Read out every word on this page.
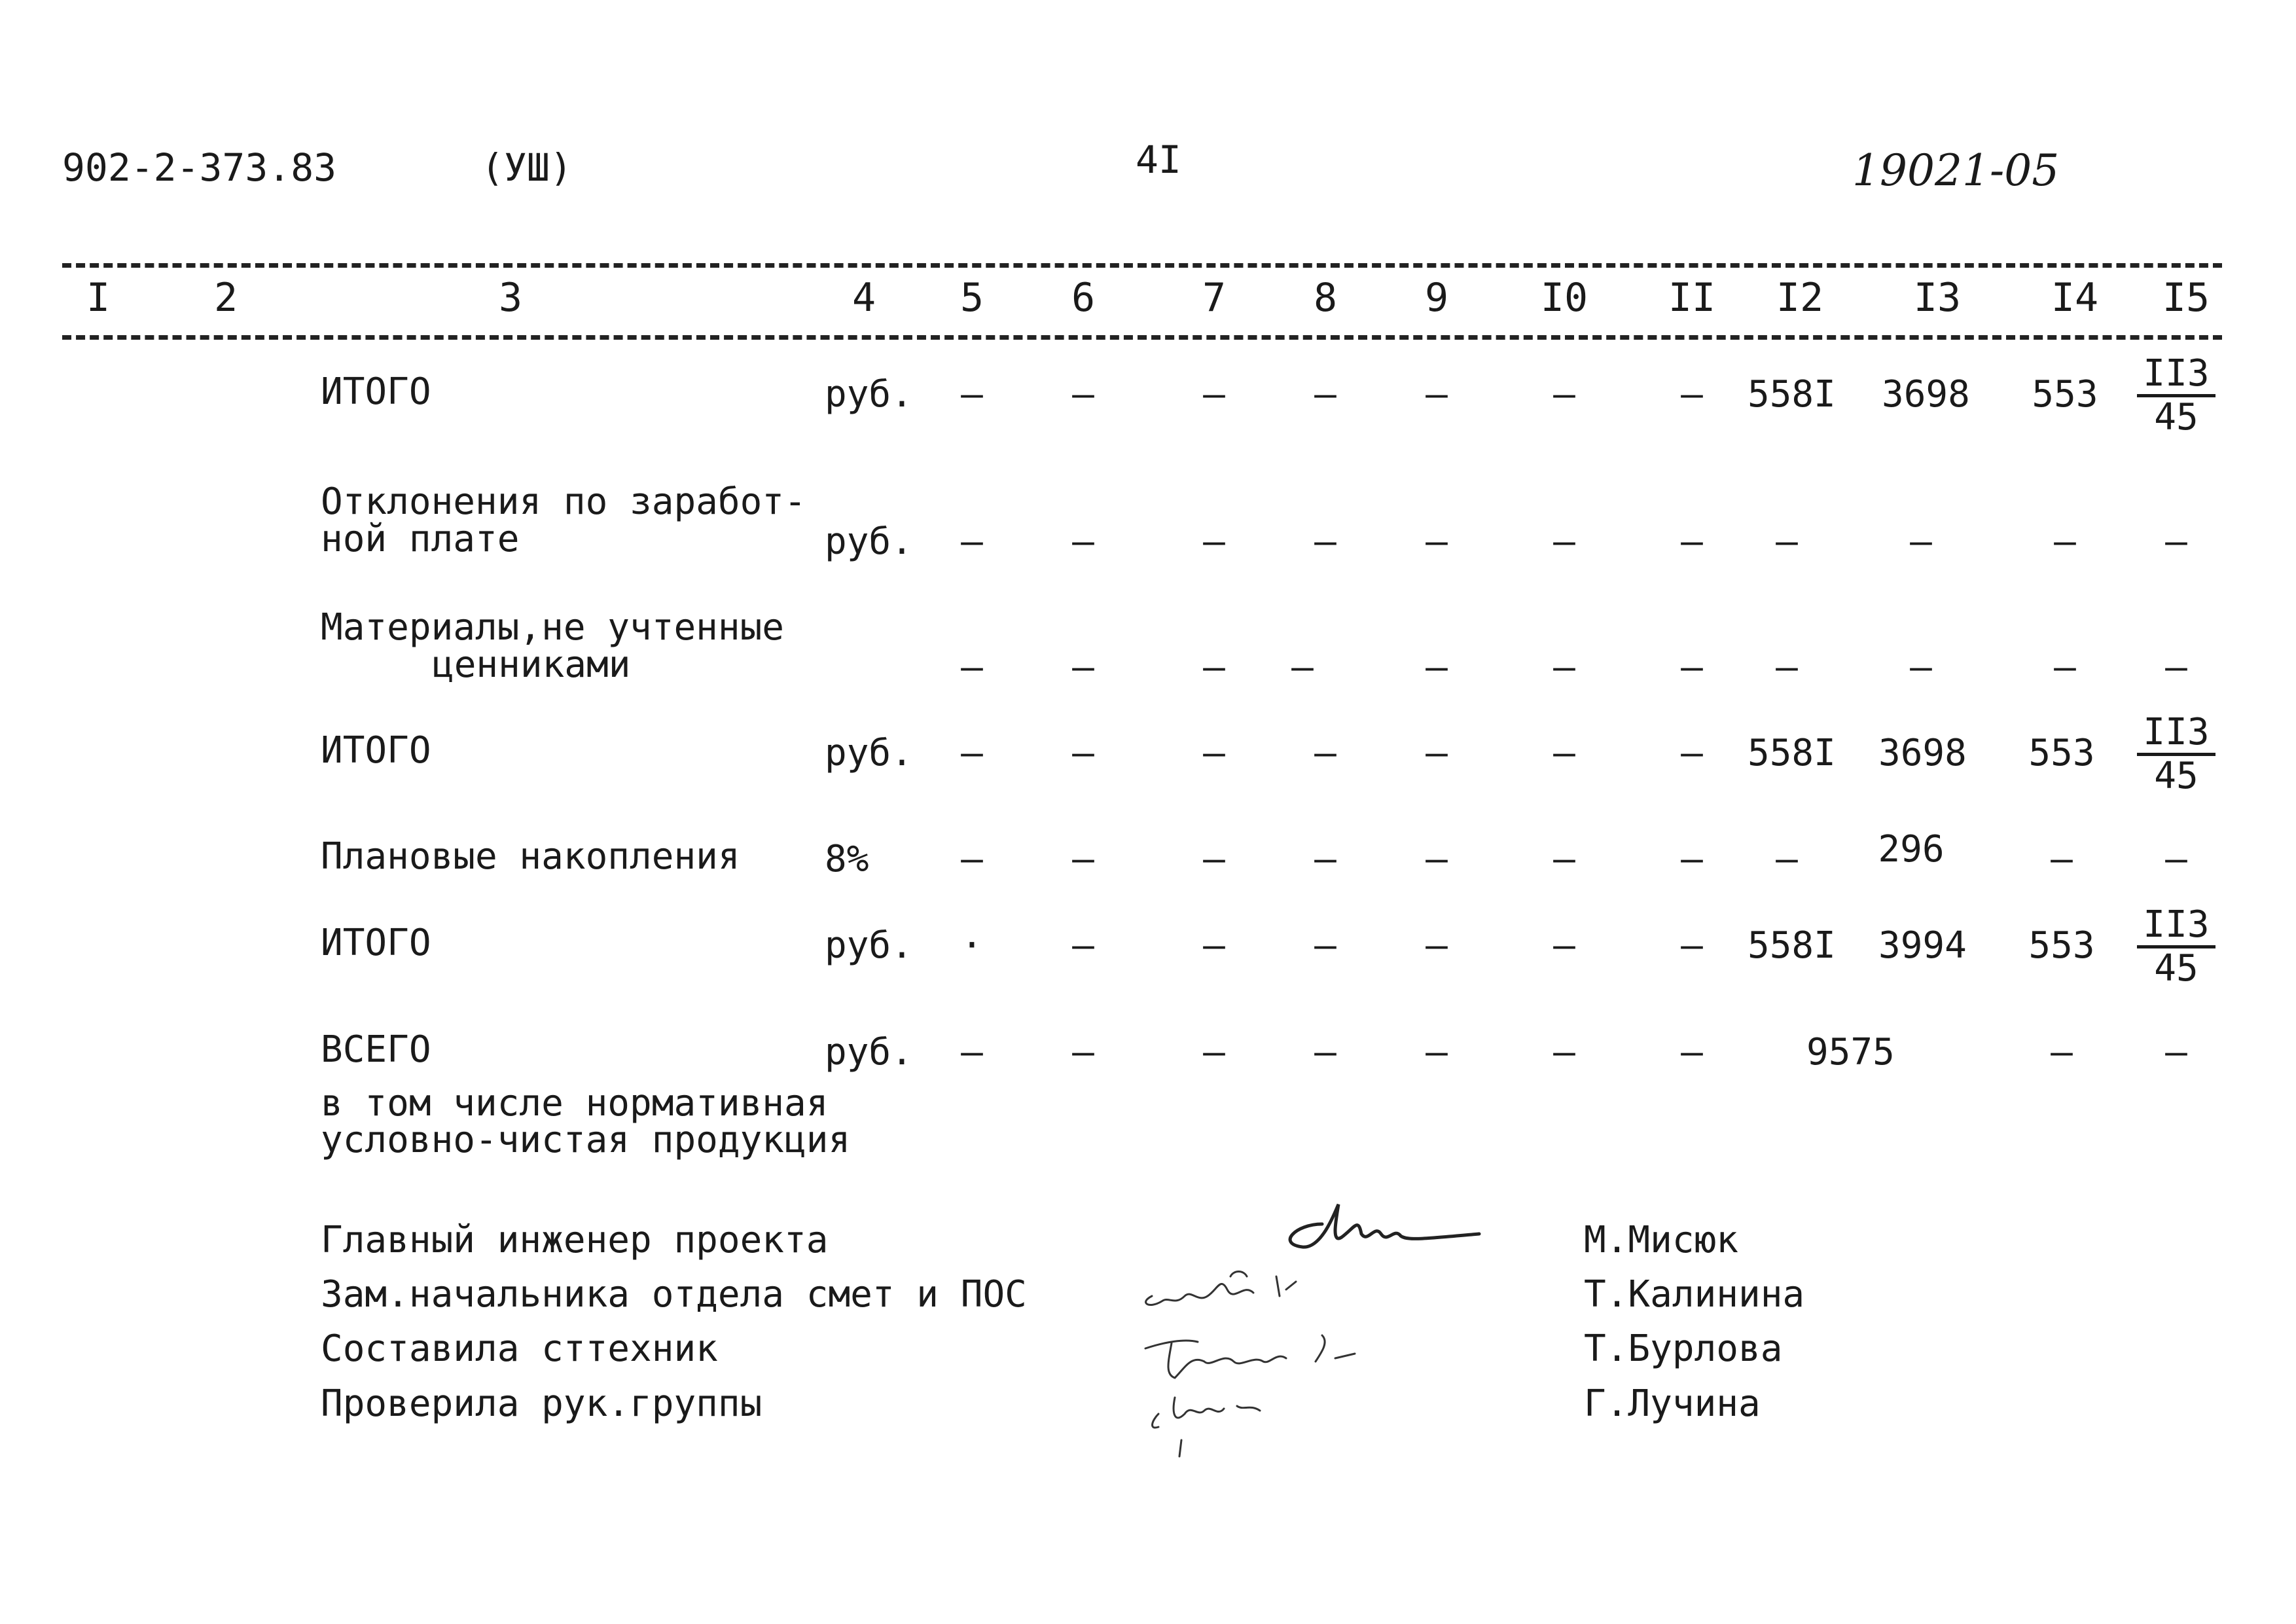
902-2-373.83	(УШ)	4I	19021-05
I	2	3	4	5	6	7	8	9	I0	II	I2	I3	I4	I5
ИТОГО	руб.	–	–	–	–	–	–	–	558I 3698 $553 \frac{II3}{45}$
Отклонения по заработ-
ной плате	руб.	–	–	–	–	–	–	–	–	–	–	–
Материалы,не учтенные
ценниками	–	–	–	–	–	–	–	–	–	–	–
ИТОГО	руб.	–	–	–	–	–	–	–	558I 3698 $553 \frac{II3}{45}$
Плановые накопления 8%	–	–	–	–	–	–	–	–	296	–	–
ИТОГО	руб.	·	–	–	–	–	–	–	558I 3994 $553 \frac{II3}{45}$
ВСЕГО	руб.	–	–	–	–	–	–	–	9575	–	–
в том числе нормативная
условно-чистая продукция
Главный инженер проекта	М.Мисюк
Зам.начальника отдела смет и ПОС	Т.Калинина
Составила сттехник	Т.Бурлова
Проверила рук.группы	Г.Лучина
